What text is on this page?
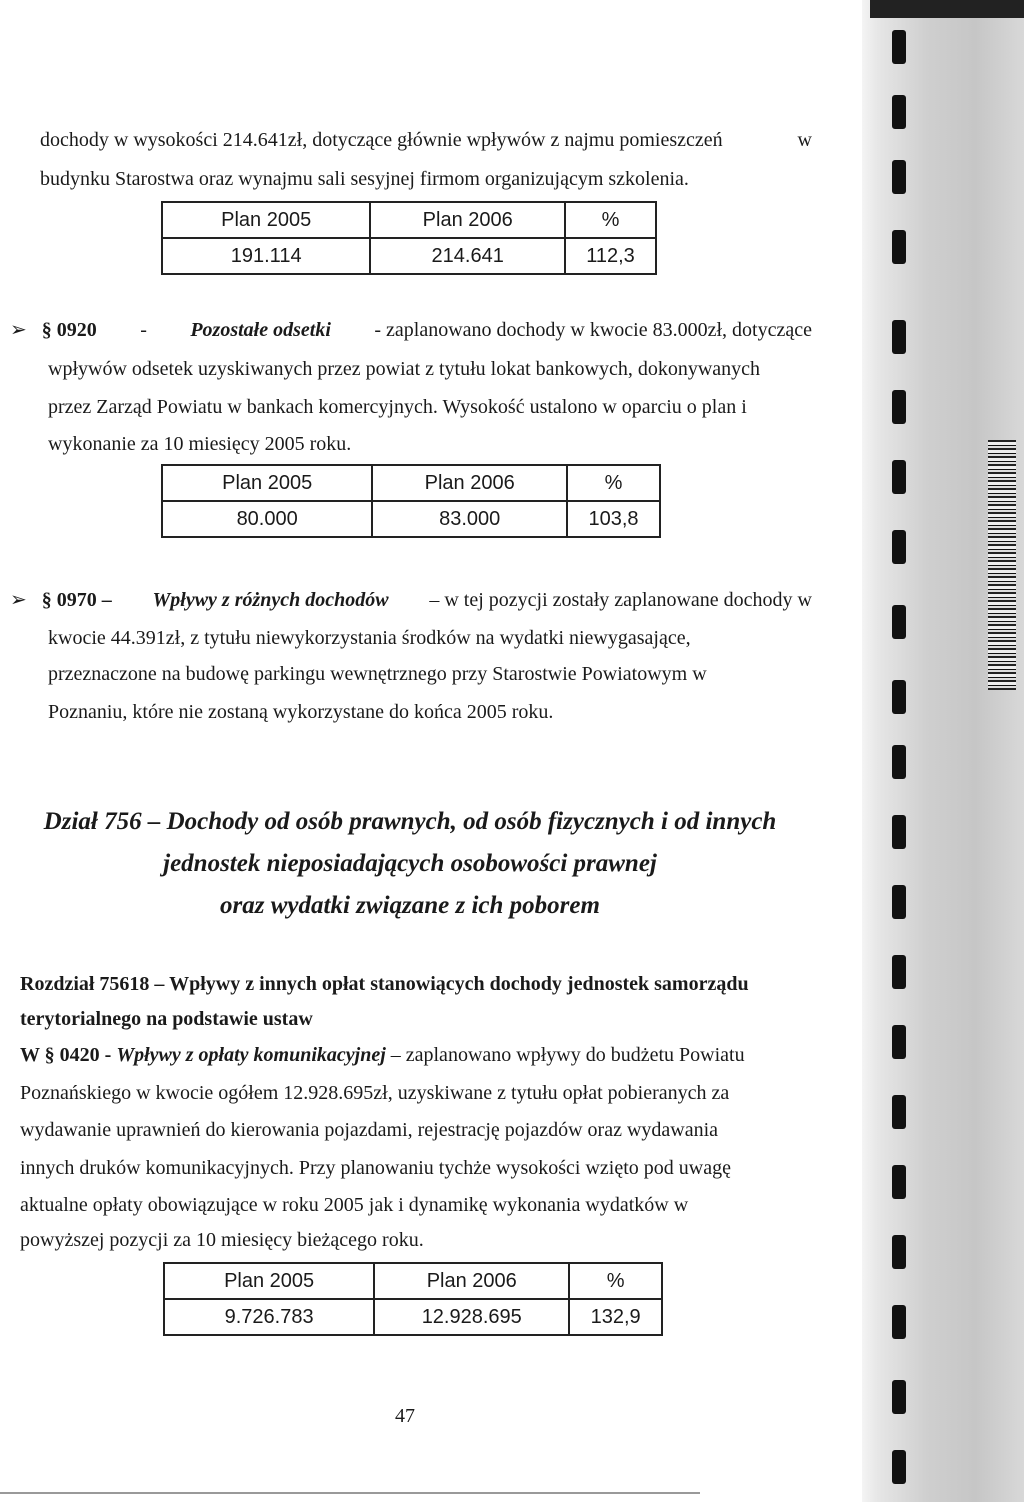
dochody w wysokości 214.641zł, dotyczące głównie wpływów z najmu pomieszczeń	w
budynku Starostwa oraz wynajmu sali sesyjnej firmom organizującym szkolenia.
Plan 2005	Plan 2006	%
191.114	214.641	112,3
➢ § 0920 - Pozostałe odsetki - zaplanowano dochody w kwocie 83.000zł, dotyczące
wpływów odsetek uzyskiwanych przez powiat z tytułu lokat bankowych, dokonywanych
przez Zarząd Powiatu w bankach komercyjnych. Wysokość ustalono w oparciu o plan i
wykonanie za 10 miesięcy 2005 roku.
Plan 2005	Plan 2006	%
80.000	83.000	103,8
➢ § 0970 – Wpływy z różnych dochodów – w tej pozycji zostały zaplanowane dochody w
kwocie 44.391zł, z tytułu niewykorzystania środków na wydatki niewygasające,
przeznaczone na budowę parkingu wewnętrznego przy Starostwie Powiatowym w
Poznaniu, które nie zostaną wykorzystane do końca 2005 roku.
Dział 756 – Dochody od osób prawnych, od osób fizycznych i od innych
jednostek nieposiadających osobowości prawnej
oraz wydatki związane z ich poborem
Rozdział 75618 – Wpływy z innych opłat stanowiących dochody jednostek samorządu
terytorialnego na podstawie ustaw
W § 0420 - Wpływy z opłaty komunikacyjnej – zaplanowano wpływy do budżetu Powiatu
Poznańskiego w kwocie ogółem 12.928.695zł, uzyskiwane z tytułu opłat pobieranych za
wydawanie uprawnień do kierowania pojazdami, rejestrację pojazdów oraz wydawania
innych druków komunikacyjnych. Przy planowaniu tychże wysokości wzięto pod uwagę
aktualne opłaty obowiązujące w roku 2005 jak i dynamikę wykonania wydatków w
powyższej pozycji za 10 miesięcy bieżącego roku.
Plan 2005	Plan 2006	%
9.726.783	12.928.695	132,9
47
